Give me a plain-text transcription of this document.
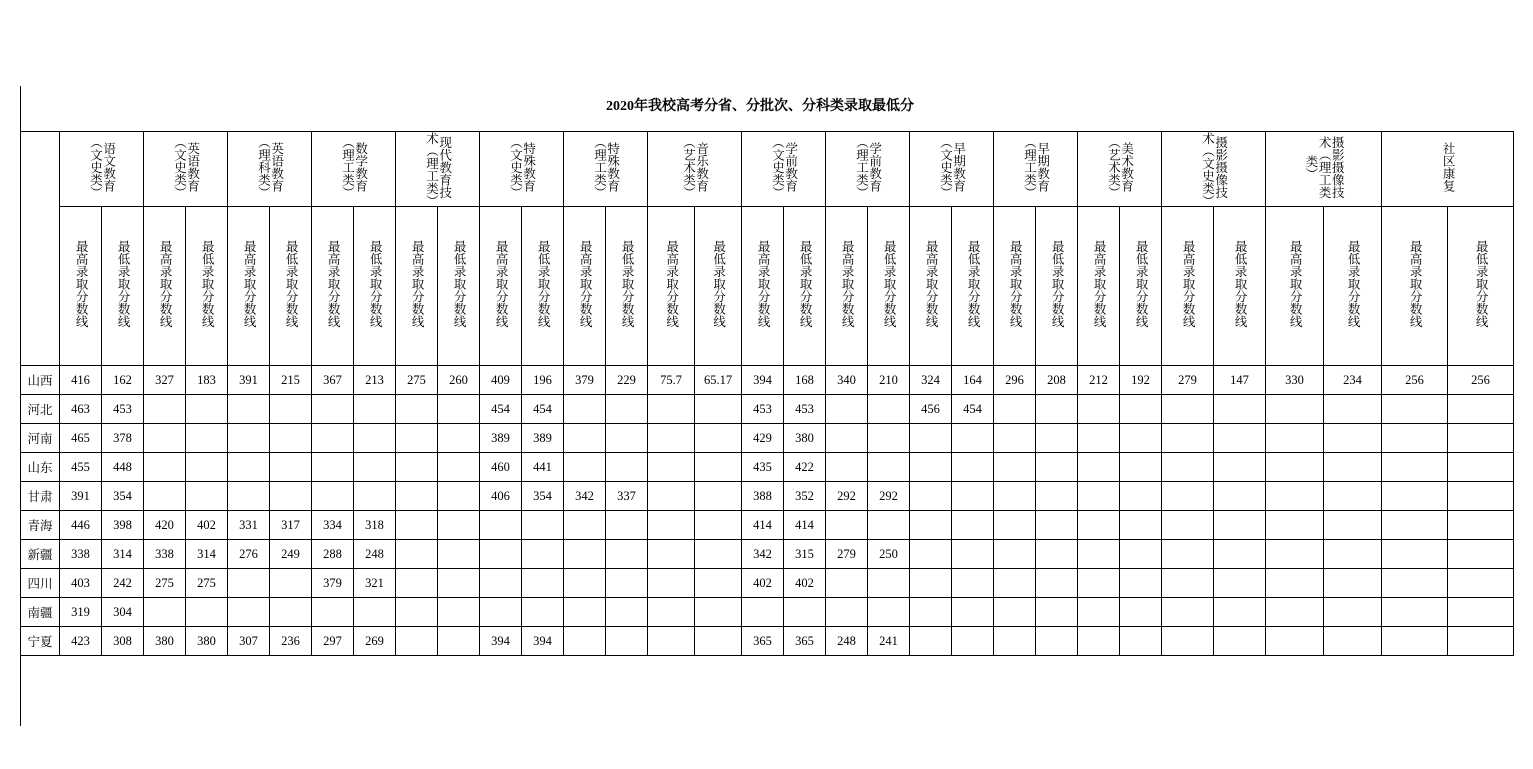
2020年我校高考分省、分批次、分科类录取最低分
	语文教育（文史类）		英语教育（文史类）		英语教育（理科类）		数学教育（理工类）		现代教育技术（理工类）		特殊教育（文史类）		特殊教育（理工类）		音乐教育（艺术类）		学前教育（文史类）		学前教育（理工类）		早期教育（文史类）		早期教育（理工类）		美术教育（艺术类）		摄影摄像技术（文史类）		摄影摄像技术（理工类类）		社区康复	
	最高录取分数线	最低录取分数线	最高录取分数线	最低录取分数线	最高录取分数线	最低录取分数线	最高录取分数线	最低录取分数线	最高录取分数线	最低录取分数线	最高录取分数线	最低录取分数线	最高录取分数线	最低录取分数线	最高录取分数线	最低录取分数线	最高录取分数线	最低录取分数线	最高录取分数线	最低录取分数线	最高录取分数线	最低录取分数线	最高录取分数线	最低录取分数线	最高录取分数线	最低录取分数线	最高录取分数线	最低录取分数线	最高录取分数线	最低录取分数线	最高录取分数线	最低录取分数线
山西	416	162	327	183	391	215	367	213	275	260	409	196	379	229	75.7	65.17	394	168	340	210	324	164	296	208	212	192	279	147	330	234	256	256
河北	463	453									454	454					453	453			456	454										
河南	465	378									389	389					429	380														
山东	455	448									460	441					435	422														
甘肃	391	354									406	354	342	337			388	352	292	292												
青海	446	398	420	402	331	317	334	318									414	414														
新疆	338	314	338	314	276	249	288	248									342	315	279	250												
四川	403	242	275	275			379	321									402	402														
南疆	319	304																														
宁夏	423	308	380	380	307	236	297	269			394	394					365	365	248	241												
